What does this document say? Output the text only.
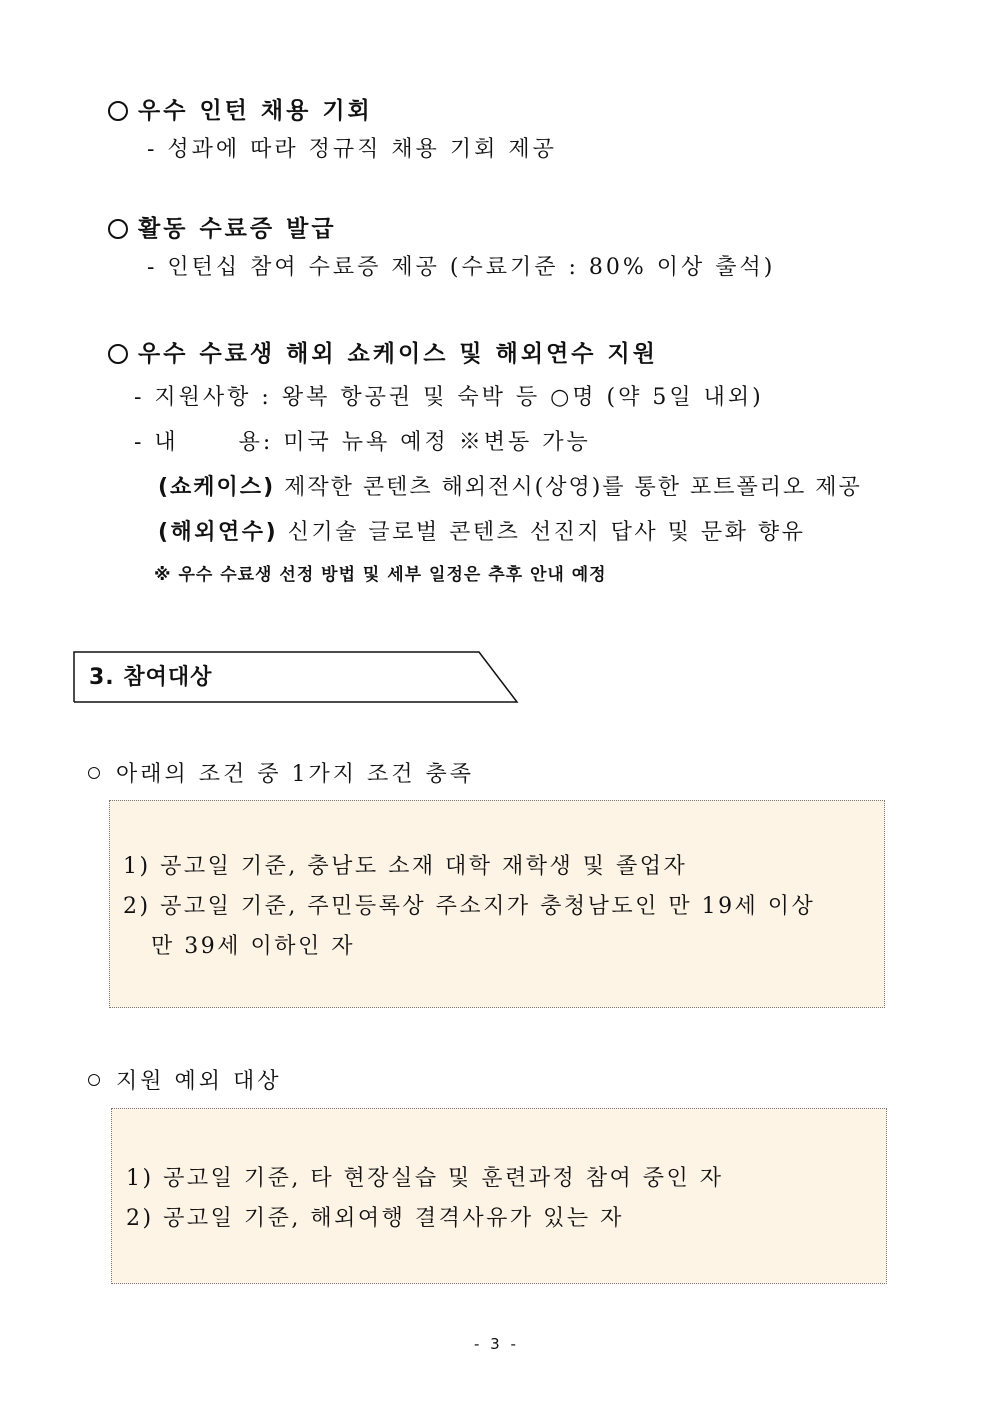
우수 인턴 채용 기회
- 성과에 따라 정규직 채용 기회 제공
활동 수료증 발급
- 인턴십 참여 수료증 제공 (수료기준 : 80% 이상 출석)
우수 수료생 해외 쇼케이스 및 해외연수 지원
- 지원사항 : 왕복 항공권 및 숙박 등 ○명 (약 5일 내외)
- 내      용: 미국 뉴욕 예정 ※변동 가능
(쇼케이스) 제작한 콘텐츠 해외전시(상영)를 통한 포트폴리오 제공
(해외연수) 신기술 글로벌 콘텐츠 선진지 답사 및 문화 향유
※ 우수 수료생 선정 방법 및 세부 일정은 추후 안내 예정
3. 참여대상
아래의 조건 중 1가지 조건 충족
1) 공고일 기준, 충남도 소재 대학 재학생 및 졸업자
2) 공고일 기준, 주민등록상 주소지가 충청남도인 만 19세 이상
만 39세 이하인 자
지원 예외 대상
1) 공고일 기준, 타 현장실습 및 훈련과정 참여 중인 자
2) 공고일 기준, 해외여행 결격사유가 있는 자
- 3 -
